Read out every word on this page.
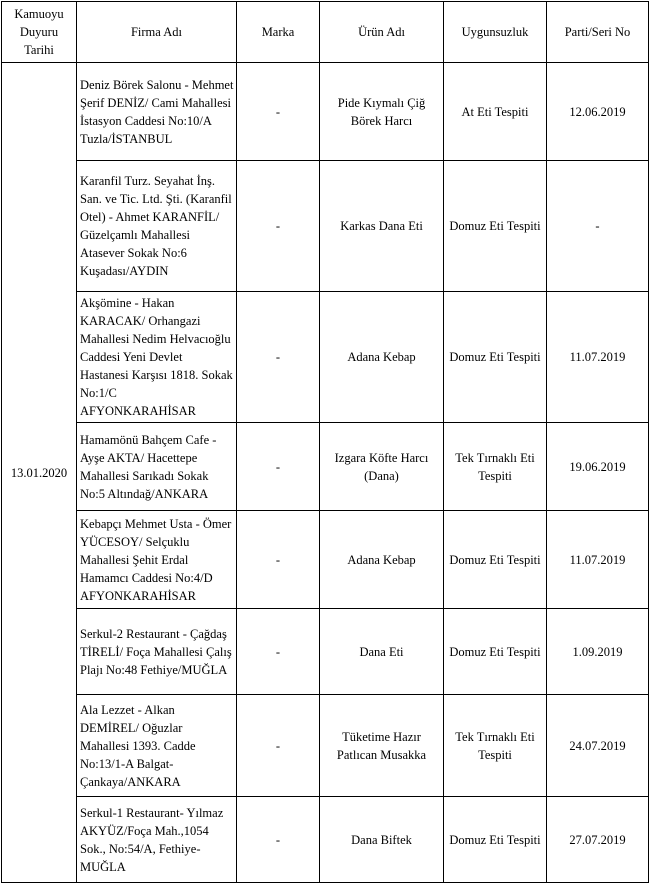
Kamuoyu Duyuru Tarihi	Firma Adı	Marka	Ürün Adı	Uygunsuzluk	Parti/Seri No
13.01.2020	Deniz Börek Salonu - Mehmet Şerif DENİZ/ Cami Mahallesi İstasyon Caddesi No:10/A Tuzla/İSTANBUL	-	Pide Kıymalı Çiğ Börek Harcı	At Eti Tespiti	12.06.2019
	Karanfil Turz. Seyahat İnş. San. ve Tic. Ltd. Şti. (Karanfil Otel) - Ahmet KARANFİL/ Güzelçamlı Mahallesi Atasever Sokak No:6 Kuşadası/AYDIN	-	Karkas Dana Eti	Domuz Eti Tespiti	-
	Akşömine - Hakan KARACAK/ Orhangazi Mahallesi Nedim Helvacıoğlu Caddesi Yeni Devlet Hastanesi Karşısı 1818. Sokak No:1/C AFYONKARAHİSAR	-	Adana Kebap	Domuz Eti Tespiti	11.07.2019
	Hamamönü Bahçem Cafe - Ayşe AKTA/ Hacettepe Mahallesi Sarıkadı Sokak No:5 Altındağ/ANKARA	-	Izgara Köfte Harcı (Dana)	Tek Tırnaklı Eti Tespiti	19.06.2019
	Kebapçı Mehmet Usta - Ömer YÜCESOY/ Selçuklu Mahallesi Şehit Erdal Hamamcı Caddesi No:4/D AFYONKARAHİSAR	-	Adana Kebap	Domuz Eti Tespiti	11.07.2019
	Serkul-2 Restaurant - Çağdaş TİRELİ/ Foça Mahallesi Çalış Plajı No:48 Fethiye/MUĞLA	-	Dana Eti	Domuz Eti Tespiti	1.09.2019
	Ala Lezzet - Alkan DEMİREL/ Oğuzlar Mahallesi 1393. Cadde No:13/1-A Balgat-Çankaya/ANKARA	-	Tüketime Hazır Patlıcan Musakka	Tek Tırnaklı Eti Tespiti	24.07.2019
	Serkul-1 Restaurant- Yılmaz AKYÜZ/Foça Mah.,1054 Sok., No:54/A, Fethiye-MUĞLA	-	Dana Biftek	Domuz Eti Tespiti	27.07.2019
